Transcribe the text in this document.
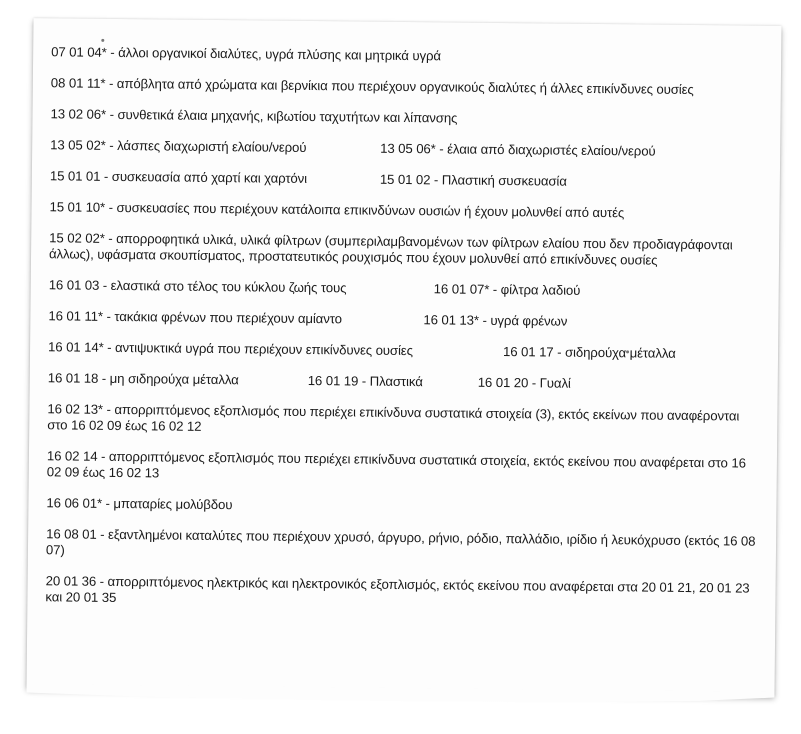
07 01 04* - άλλοι οργανικοί διαλύτες, υγρά πλύσης και μητρικά υγρά
08 01 11* - απόβλητα από χρώματα και βερνίκια που περιέχουν οργανικούς διαλύτες ή άλλες επικίνδυνες ουσίες
13 02 06* - συνθετικά έλαια μηχανής, κιβωτίου ταχυτήτων και λίπανσης
13 05 02* - λάσπες διαχωριστή ελαίου/νερού	13 05 06* - έλαια από διαχωριστές ελαίου/νερού
15 01 01 - συσκευασία από χαρτί και χαρτόνι	15 01 02 - Πλαστική συσκευασία
15 01 10* - συσκευασίες που περιέχουν κατάλοιπα επικινδύνων ουσιών ή έχουν μολυνθεί από αυτές
15 02 02* - απορροφητικά υλικά, υλικά φίλτρων (συμπεριλαμβανομένων των φίλτρων ελαίου που δεν προδιαγράφονται άλλως), υφάσματα σκουπίσματος, προστατευτικός ρουχισμός που έχουν μολυνθεί από επικίνδυνες ουσίες
16 01 03 - ελαστικά στο τέλος του κύκλου ζωής τους	16 01 07* - φίλτρα λαδιού
16 01 11* - τακάκια φρένων που περιέχουν αμίαντο	16 01 13* - υγρά φρένων
16 01 14* - αντιψυκτικά υγρά που περιέχουν επικίνδυνες ουσίες	16 01 17 - σιδηρούχα μέταλλα
16 01 18 - μη σιδηρούχα μέταλλα	16 01 19 - Πλαστικά	16 01 20 - Γυαλί
16 02 13* - απορριπτόμενος εξοπλισμός που περιέχει επικίνδυνα συστατικά στοιχεία (3), εκτός εκείνων που αναφέρονται στο 16 02 09 έως 16 02 12
16 02 14 - απορριπτόμενος εξοπλισμός που περιέχει επικίνδυνα συστατικά στοιχεία, εκτός εκείνου που αναφέρεται στο 16 02 09 έως 16 02 13
16 06 01* - μπαταρίες μολύβδου
16 08 01 - εξαντλημένοι καταλύτες που περιέχουν χρυσό, άργυρο, ρήνιο, ρόδιο, παλλάδιο, ιρίδιο ή λευκόχρυσο (εκτός 16 08 07)
20 01 36 - απορριπτόμενος ηλεκτρικός και ηλεκτρονικός εξοπλισμός, εκτός εκείνου που αναφέρεται στα 20 01 21, 20 01 23 και 20 01 35
